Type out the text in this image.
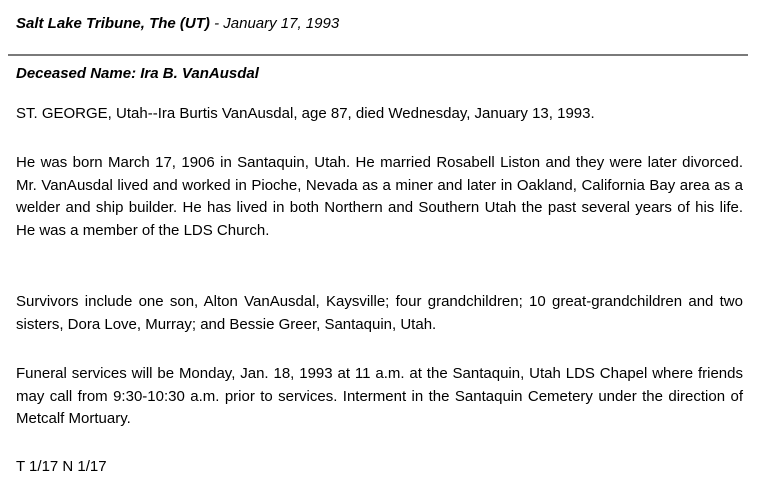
Salt Lake Tribune, The (UT) - January 17, 1993
Deceased Name: Ira B. VanAusdal
ST. GEORGE, Utah--Ira Burtis VanAusdal, age 87, died Wednesday, January 13, 1993.
He was born March 17, 1906 in Santaquin, Utah. He married Rosabell Liston and they were later divorced. Mr. VanAusdal lived and worked in Pioche, Nevada as a miner and later in Oakland, California Bay area as a welder and ship builder. He has lived in both Northern and Southern Utah the past several years of his life. He was a member of the LDS Church.
Survivors include one son, Alton VanAusdal, Kaysville; four grandchildren; 10 great-grandchildren and two sisters, Dora Love, Murray; and Bessie Greer, Santaquin, Utah.
Funeral services will be Monday, Jan. 18, 1993 at 11 a.m. at the Santaquin, Utah LDS Chapel where friends may call from 9:30-10:30 a.m. prior to services. Interment in the Santaquin Cemetery under the direction of Metcalf Mortuary.
T 1/17 N 1/17
